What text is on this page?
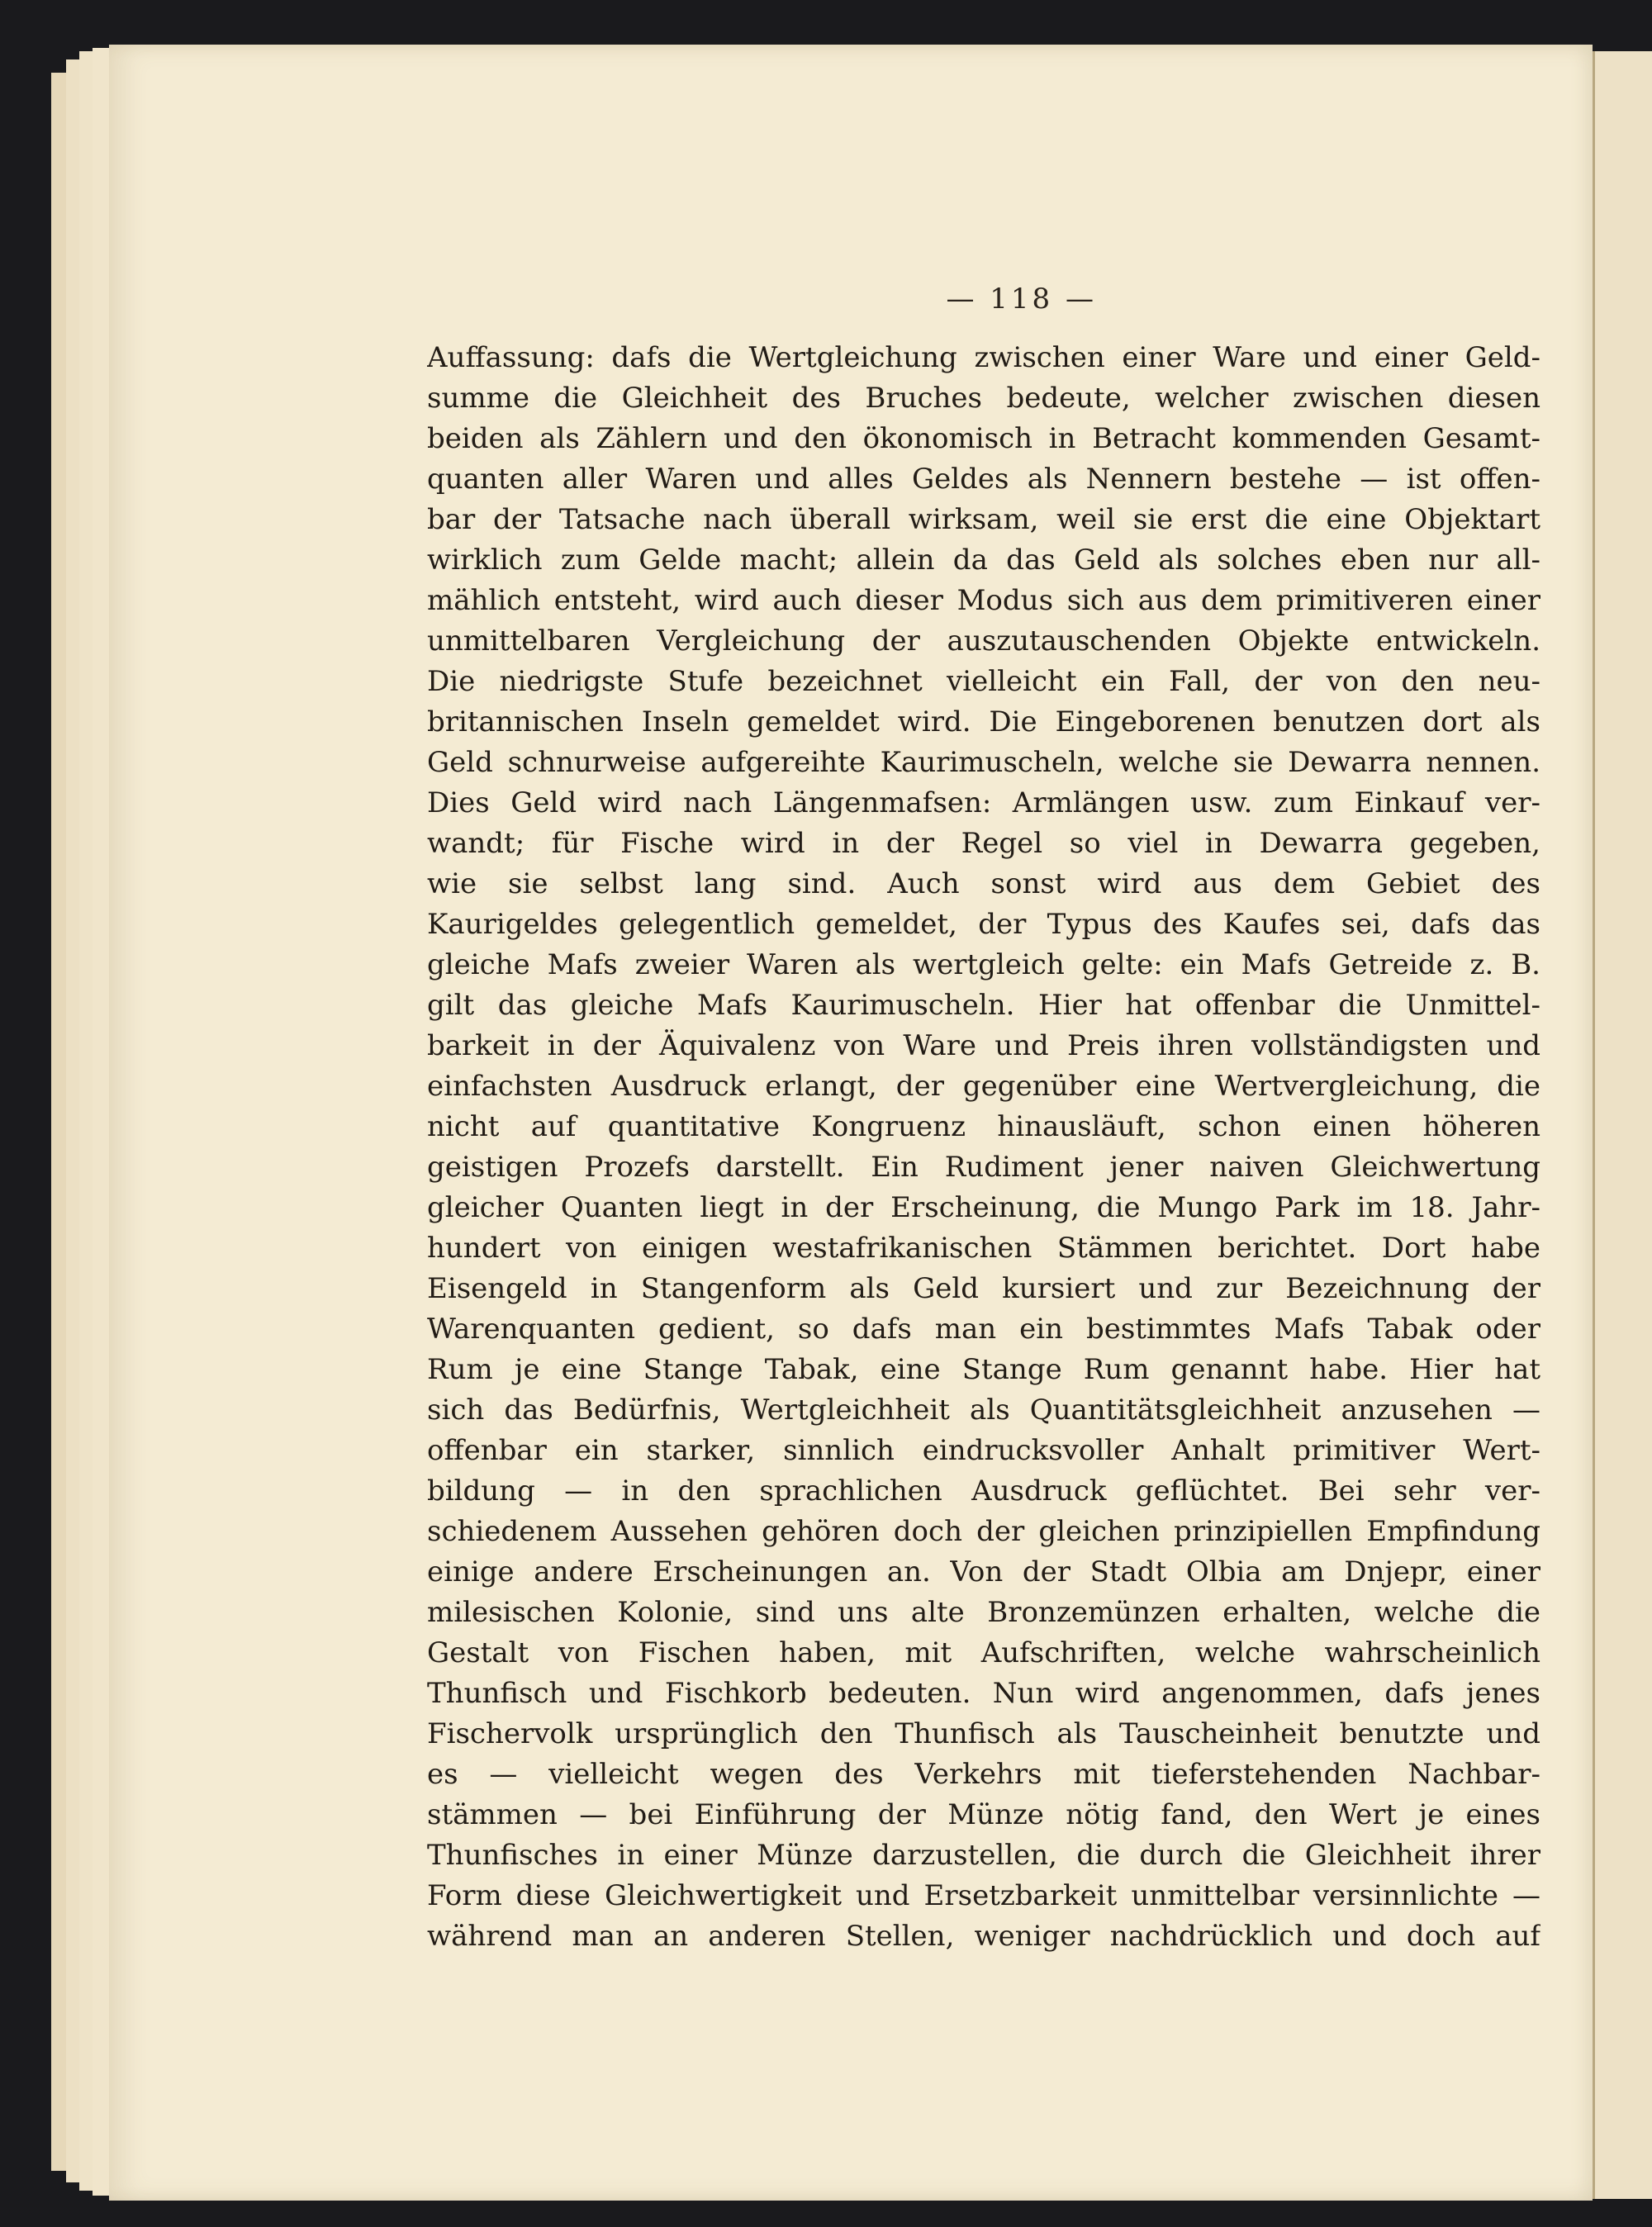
— 118 —
Auffassung: dafs die Wertgleichung zwischen einer Ware und einer Geld-
summe die Gleichheit des Bruches bedeute, welcher zwischen diesen
beiden als Zählern und den ökonomisch in Betracht kommenden Gesamt-
quanten aller Waren und alles Geldes als Nennern bestehe — ist offen-
bar der Tatsache nach überall wirksam, weil sie erst die eine Objektart
wirklich zum Gelde macht; allein da das Geld als solches eben nur all-
mählich entsteht, wird auch dieser Modus sich aus dem primitiveren einer
unmittelbaren Vergleichung der auszutauschenden Objekte entwickeln.
Die niedrigste Stufe bezeichnet vielleicht ein Fall, der von den neu-
britannischen Inseln gemeldet wird. Die Eingeborenen benutzen dort als
Geld schnurweise aufgereihte Kaurimuscheln, welche sie Dewarra nennen.
Dies Geld wird nach Längenmafsen: Armlängen usw. zum Einkauf ver-
wandt; für Fische wird in der Regel so viel in Dewarra gegeben,
wie sie selbst lang sind. Auch sonst wird aus dem Gebiet des
Kaurigeldes gelegentlich gemeldet, der Typus des Kaufes sei, dafs das
gleiche Mafs zweier Waren als wertgleich gelte: ein Mafs Getreide z. B.
gilt das gleiche Mafs Kaurimuscheln. Hier hat offenbar die Unmittel-
barkeit in der Äquivalenz von Ware und Preis ihren vollständigsten und
einfachsten Ausdruck erlangt, der gegenüber eine Wertvergleichung, die
nicht auf quantitative Kongruenz hinausläuft, schon einen höheren
geistigen Prozefs darstellt. Ein Rudiment jener naiven Gleichwertung
gleicher Quanten liegt in der Erscheinung, die Mungo Park im 18. Jahr-
hundert von einigen westafrikanischen Stämmen berichtet. Dort habe
Eisengeld in Stangenform als Geld kursiert und zur Bezeichnung der
Warenquanten gedient, so dafs man ein bestimmtes Mafs Tabak oder
Rum je eine Stange Tabak, eine Stange Rum genannt habe. Hier hat
sich das Bedürfnis, Wertgleichheit als Quantitätsgleichheit anzusehen —
offenbar ein starker, sinnlich eindrucksvoller Anhalt primitiver Wert-
bildung — in den sprachlichen Ausdruck geflüchtet. Bei sehr ver-
schiedenem Aussehen gehören doch der gleichen prinzipiellen Empfindung
einige andere Erscheinungen an. Von der Stadt Olbia am Dnjepr, einer
milesischen Kolonie, sind uns alte Bronzemünzen erhalten, welche die
Gestalt von Fischen haben, mit Aufschriften, welche wahrscheinlich
Thunfisch und Fischkorb bedeuten. Nun wird angenommen, dafs jenes
Fischervolk ursprünglich den Thunfisch als Tauscheinheit benutzte und
es — vielleicht wegen des Verkehrs mit tieferstehenden Nachbar-
stämmen — bei Einführung der Münze nötig fand, den Wert je eines
Thunfisches in einer Münze darzustellen, die durch die Gleichheit ihrer
Form diese Gleichwertigkeit und Ersetzbarkeit unmittelbar versinnlichte —
während man an anderen Stellen, weniger nachdrücklich und doch auf
